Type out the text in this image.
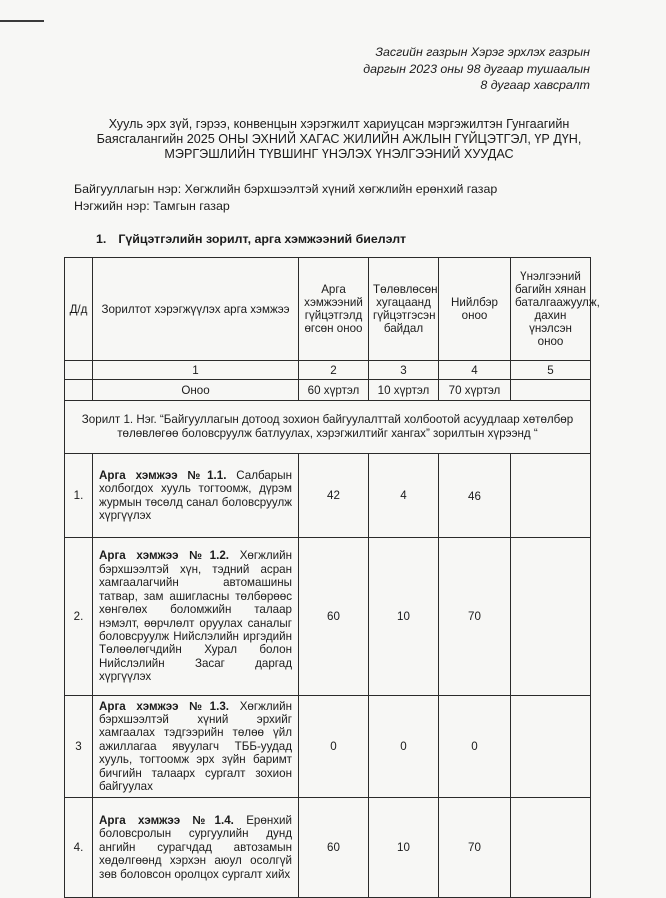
Засгийн газрын Хэрэг эрхлэх газрын
даргын 2023 оны 98 дугаар тушаалын
8 дугаар хавсралт
Хууль эрх зүй, гэрээ, конвенцын хэрэгжилт хариуцсан мэргэжилтэн Гунгаагийн
Баясгалангийн 2025 ОНЫ ЭХНИЙ ХАГАС ЖИЛИЙН АЖЛЫН ГҮЙЦЭТГЭЛ, ҮР ДҮН,
МЭРГЭШЛИЙН ТҮВШИНГ ҮНЭЛЭХ ҮНЭЛГЭЭНИЙ ХУУДАС
Байгууллагын нэр: Хөгжлийн бэрхшээлтэй хүний хөгжлийн ерөнхий газар
Нэгжийн нэр: Тамгын газар
1. Гүйцэтгэлийн зорилт, арга хэмжээний биелэлт
Д/д	Зорилтот хэрэгжүүлэх арга хэмжээ	Арга хэмжээний гүйцэтгэлд өгсөн оноо	Төлөвлөсөн хугацаанд гүйцэтгэсэн байдал	Нийлбэр оноо	Үнэлгээний багийн хянан баталгаажуулж, дахин үнэлсэн оноо
	1	2	3	4	5
	Оноо	60 хүртэл	10 хүртэл	70 хүртэл	
Зорилт 1. Нэг. “Байгууллагын дотоод зохион байгуулалттай холбоотой асуудлаар хөтөлбөр төлөвлөгөө боловсруулж батлуулах, хэрэгжилтийг хангах” зорилтын хүрээнд “					
1.	Арга хэмжээ №1.1. Салбарын холбогдох хууль тогтоомж, дүрэм журмын төсөлд санал боловсруулж хүргүүлэх	42	4	46	
2.	Арга хэмжээ №1.2. Хөгжлийн бэрхшээлтэй хүн, тэдний асран хамгаалагчийн автомашины татвар, зам ашигласны төлбөрөөс хөнгөлөх боломжийн талаар нэмэлт, өөрчлөлт оруулах саналыг боловсруулж Нийслэлийн иргэдийн Төлөөлөгчдийн Хурал болон Нийслэлийн Засаг даргад хүргүүлэх	60	10	70	
3	Арга хэмжээ №1.3. Хөгжлийн бэрхшээлтэй хүний эрхийг хамгаалах тэдгээрийн төлөө үйл ажиллагаа явуулагч ТББ-уудад хууль, тогтоомж эрх зүйн баримт бичгийн талаарх сургалт зохион байгуулах	0	0	0	
4.	Арга хэмжээ №1.4. Ерөнхий боловсролын сургуулийн дунд ангийн сурагчдад автозамын хөдөлгөөнд хэрхэн аюул осолгүй зөв боловсон оролцох сургалт хийх	60	10	70	
